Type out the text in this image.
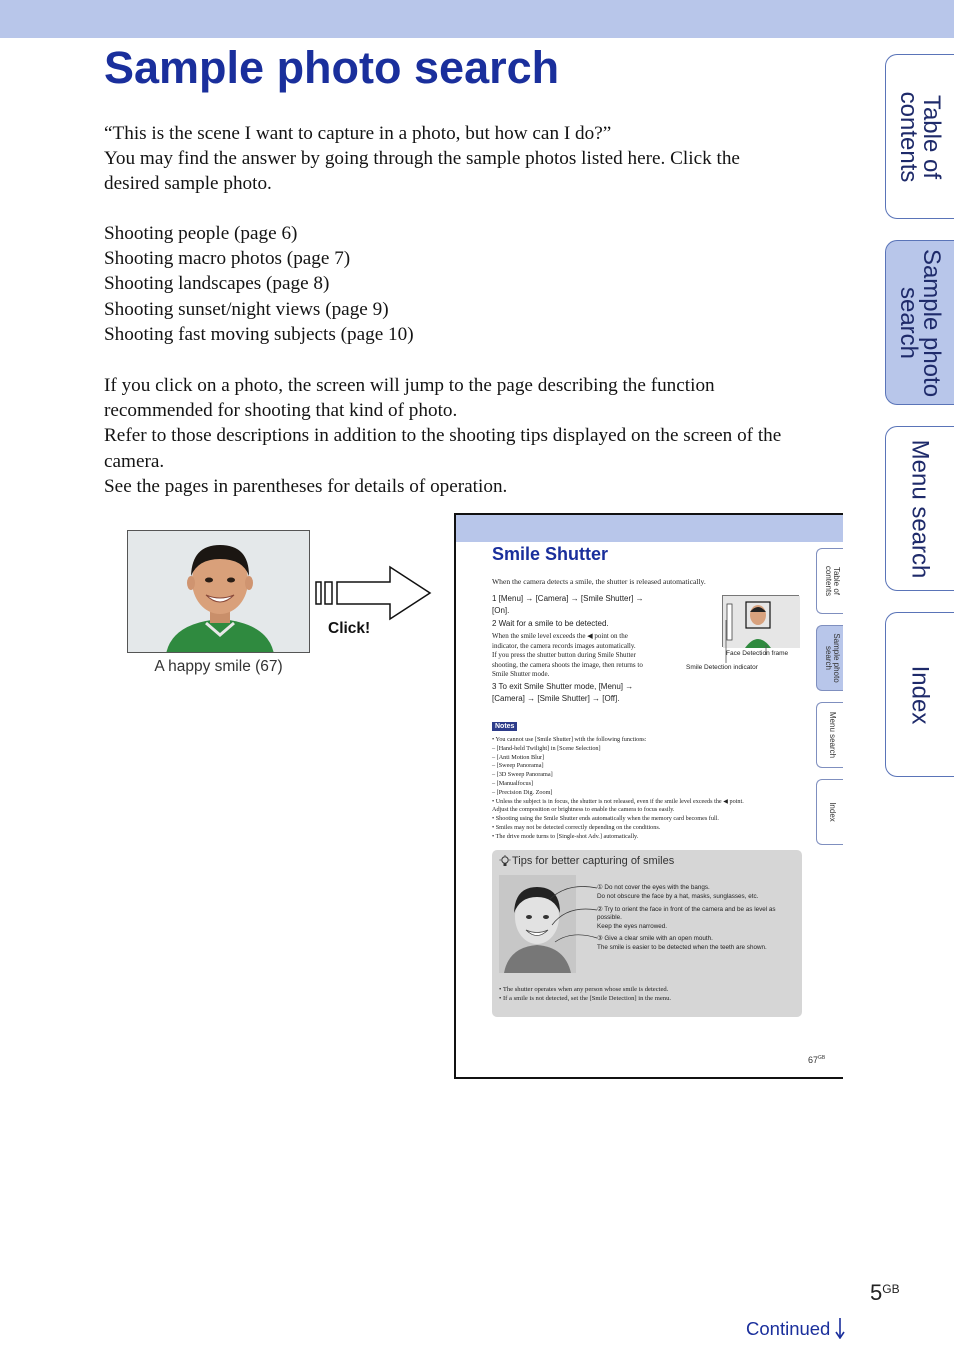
Sample photo search
“This is the scene I want to capture in a photo, but how can I do?”
You may find the answer by going through the sample photos listed here. Click the
desired sample photo.
Shooting people (page 6)
Shooting macro photos (page 7)
Shooting landscapes (page 8)
Shooting sunset/night views (page 9)
Shooting fast moving subjects (page 10)
If you click on a photo, the screen will jump to the page describing the function
recommended for shooting that kind of photo.
Refer to those descriptions in addition to the shooting tips displayed on the screen of the
camera.
See the pages in parentheses for details of operation.
Table of
contents
Sample photo
search
Menu search
Index
A happy smile (67)
Click!
Smile Shutter
When the camera detects a smile, the shutter is released automatically.
1 [Menu] → [Camera] → [Smile Shutter] →
[On].
2 Wait for a smile to be detected.
When the smile level exceeds the ◀ point on the
indicator, the camera records images automatically.
If you press the shutter button during Smile Shutter
shooting, the camera shoots the image, then returns to
Smile Shutter mode.
3 To exit Smile Shutter mode, [Menu] →
[Camera] → [Smile Shutter] → [Off].
Face Detection frame
Smile Detection indicator
Notes
• You cannot use [Smile Shutter] with the following functions:
– [Hand-held Twilight] in [Scene Selection]
– [Anti Motion Blur]
– [Sweep Panorama]
– [3D Sweep Panorama]
– [Manualfocus]
– [Precision Dig. Zoom]
• Unless the subject is in focus, the shutter is not released, even if the smile level exceeds the ◀ point.
Adjust the composition or brightness to enable the camera to focus easily.
• Shooting using the Smile Shutter ends automatically when the memory card becomes full.
• Smiles may not be detected correctly depending on the conditions.
• The drive mode turns to [Single-shot Adv.] automatically.
Tips for better capturing of smiles
① Do not cover the eyes with the bangs.
Do not obscure the face by a hat, masks, sunglasses, etc.
② Try to orient the face in front of the camera and be as level as
possible.
Keep the eyes narrowed.
③ Give a clear smile with an open mouth.
The smile is easier to be detected when the teeth are shown.
• The shutter operates when any person whose smile is detected.
• If a smile is not detected, set the [Smile Detection] in the menu.
$67^{GB}$
Table of
contents
Sample photo
search
Menu search
Index
$5^{GB}$
Continued
